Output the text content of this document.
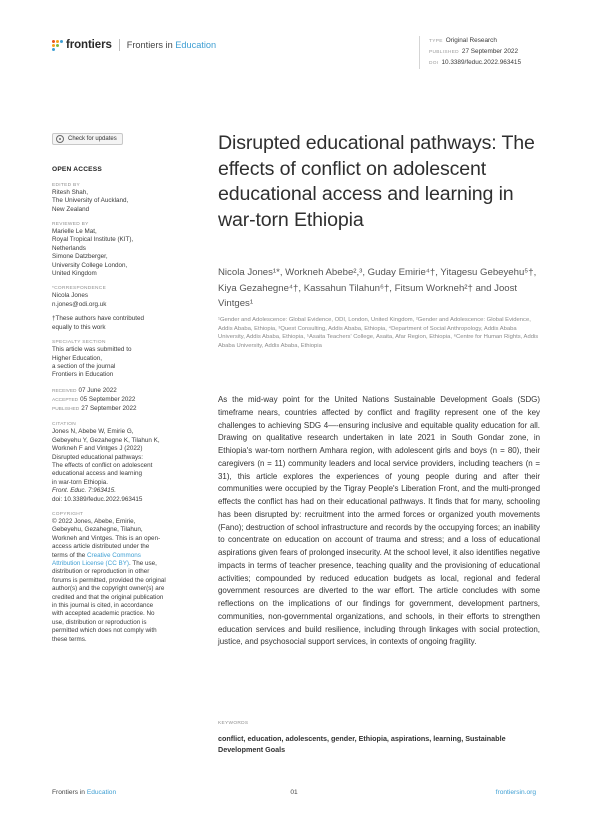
frontiers Frontiers in Education	TYPE Original Research
PUBLISHED 27 September 2022
DOI 10.3389/feduc.2022.963415
Check for updates
OPEN ACCESS
EDITED BY
Ritesh Shah,
The University of Auckland,
New Zealand
REVIEWED BY
Marielle Le Mat,
Royal Tropical Institute (KIT),
Netherlands
Simone Datzberger,
University College London,
United Kingdom
*CORRESPONDENCE
Nicola Jones
n.jones@odi.org.uk
†These authors have contributed
equally to this work
SPECIALTY SECTION
This article was submitted to
Higher Education,
a section of the journal
Frontiers in Education
RECEIVED 07 June 2022
ACCEPTED 05 September 2022
PUBLISHED 27 September 2022
CITATION
Jones N, Abebe W, Emirie G,
Gebeyehu Y, Gezahegne K, Tilahun K,
Workneh F and Vintges J (2022)
Disrupted educational pathways:
The effects of conflict on adolescent
educational access and learning
in war-torn Ethiopia.
Front. Educ. 7:963415.
doi: 10.3389/feduc.2022.963415
COPYRIGHT
© 2022 Jones, Abebe, Emirie, Gebeyehu, Gezahegne, Tilahun, Workneh and Vintges. This is an open-access article distributed under the terms of the Creative Commons Attribution License (CC BY). The use, distribution or reproduction in other forums is permitted, provided the original author(s) and the copyright owner(s) are credited and that the original publication in this journal is cited, in accordance with accepted academic practice. No use, distribution or reproduction is permitted which does not comply with these terms.
Disrupted educational pathways: The effects of conflict on adolescent educational access and learning in war-torn Ethiopia
Nicola Jones¹*, Workneh Abebe²,³, Guday Emirie⁴†, Yitagesu Gebeyehu⁵†, Kiya Gezahegne⁴†, Kassahun Tilahun⁶†, Fitsum Workneh²† and Joost Vintges¹
¹Gender and Adolescence: Global Evidence, ODI, London, United Kingdom, ²Gender and Adolescence: Global Evidence, Addis Ababa, Ethiopia, ³Quest Consulting, Addis Ababa, Ethiopia, ⁴Department of Social Anthropology, Addis Ababa University, Addis Ababa, Ethiopia, ⁵Asaita Teachers' College, Asaita, Afar Region, Ethiopia, ⁶Centre for Human Rights, Addis Ababa University, Addis Ababa, Ethiopia
As the mid-way point for the United Nations Sustainable Development Goals (SDG) timeframe nears, countries affected by conflict and fragility represent one of the key challenges to achieving SDG 4—-ensuring inclusive and equitable quality education for all. Drawing on qualitative research undertaken in late 2021 in South Gondar zone, in Ethiopia's war-torn northern Amhara region, with adolescent girls and boys (n = 80), their caregivers (n = 11) community leaders and local service providers, including teachers (n = 31), this article explores the experiences of young people during and after their communities were occupied by the Tigray People's Liberation Front, and the multi-pronged effects the conflict has had on their educational pathways. It finds that for many, schooling has been disrupted by: recruitment into the armed forces or organized youth movements (Fano); destruction of school infrastructure and records by the occupying forces; an inability to concentrate on education on account of trauma and stress; and a loss of educational aspirations given fears of prolonged insecurity. At the school level, it also identifies negative impacts in terms of teacher presence, teaching quality and the provisioning of educational activities; compounded by reduced education budgets as local, regional and federal government resources are diverted to the war effort. The article concludes with some reflections on the implications of our findings for government, development partners, communities, non-governmental organizations, and schools, in their efforts to strengthen education services and build resilience, including through linkages with social protection, justice, and psychosocial support services, in contexts of ongoing fragility.
KEYWORDS
conflict, education, adolescents, gender, Ethiopia, aspirations, learning, Sustainable Development Goals
Frontiers in Education	01	frontiersin.org
